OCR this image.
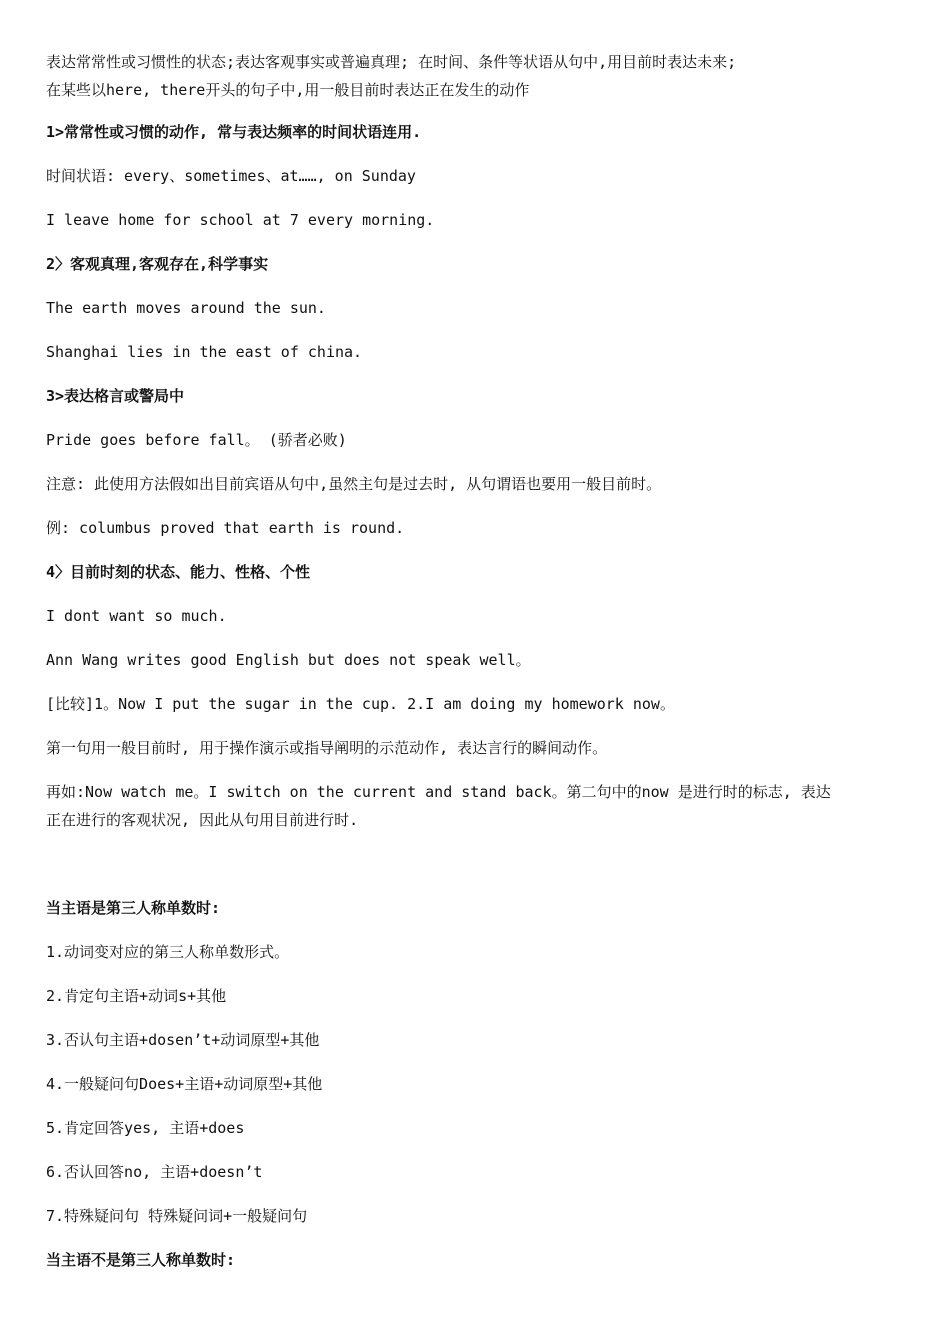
表达常常性或习惯性的状态;表达客观事实或普遍真理; 在时间、条件等状语从句中,用目前时表达未来;
在某些以here, there开头的句子中,用一般目前时表达正在发生的动作

1>常常性或习惯的动作, 常与表达频率的时间状语连用.

时间状语: every、sometimes、at……, on Sunday

I leave home for school at 7 every morning.

2〉客观真理,客观存在,科学事实

The earth moves around the sun.

Shanghai lies in the east of china.

3>表达格言或警局中

Pride goes before fall。 (骄者必败)

注意: 此使用方法假如出目前宾语从句中,虽然主句是过去时, 从句谓语也要用一般目前时。

例: columbus proved that earth is round.

4〉目前时刻的状态、能力、性格、个性

I dont want so much.

Ann Wang writes good English but does not speak well。

[比较]1。Now I put the sugar in the cup. 2.I am doing my homework now。

第一句用一般目前时, 用于操作演示或指导阐明的示范动作, 表达言行的瞬间动作。

再如:Now watch me。I switch on the current and stand back。第二句中的now 是进行时的标志, 表达
正在进行的客观状况, 因此从句用目前进行时.

当主语是第三人称单数时:

1.动词变对应的第三人称单数形式。

2.肯定句主语+动词s+其他

3.否认句主语+dosen’t+动词原型+其他

4.一般疑问句Does+主语+动词原型+其他

5.肯定回答yes, 主语+does

6.否认回答no, 主语+doesn’t

7.特殊疑问句 特殊疑问词+一般疑问句

当主语不是第三人称单数时:
